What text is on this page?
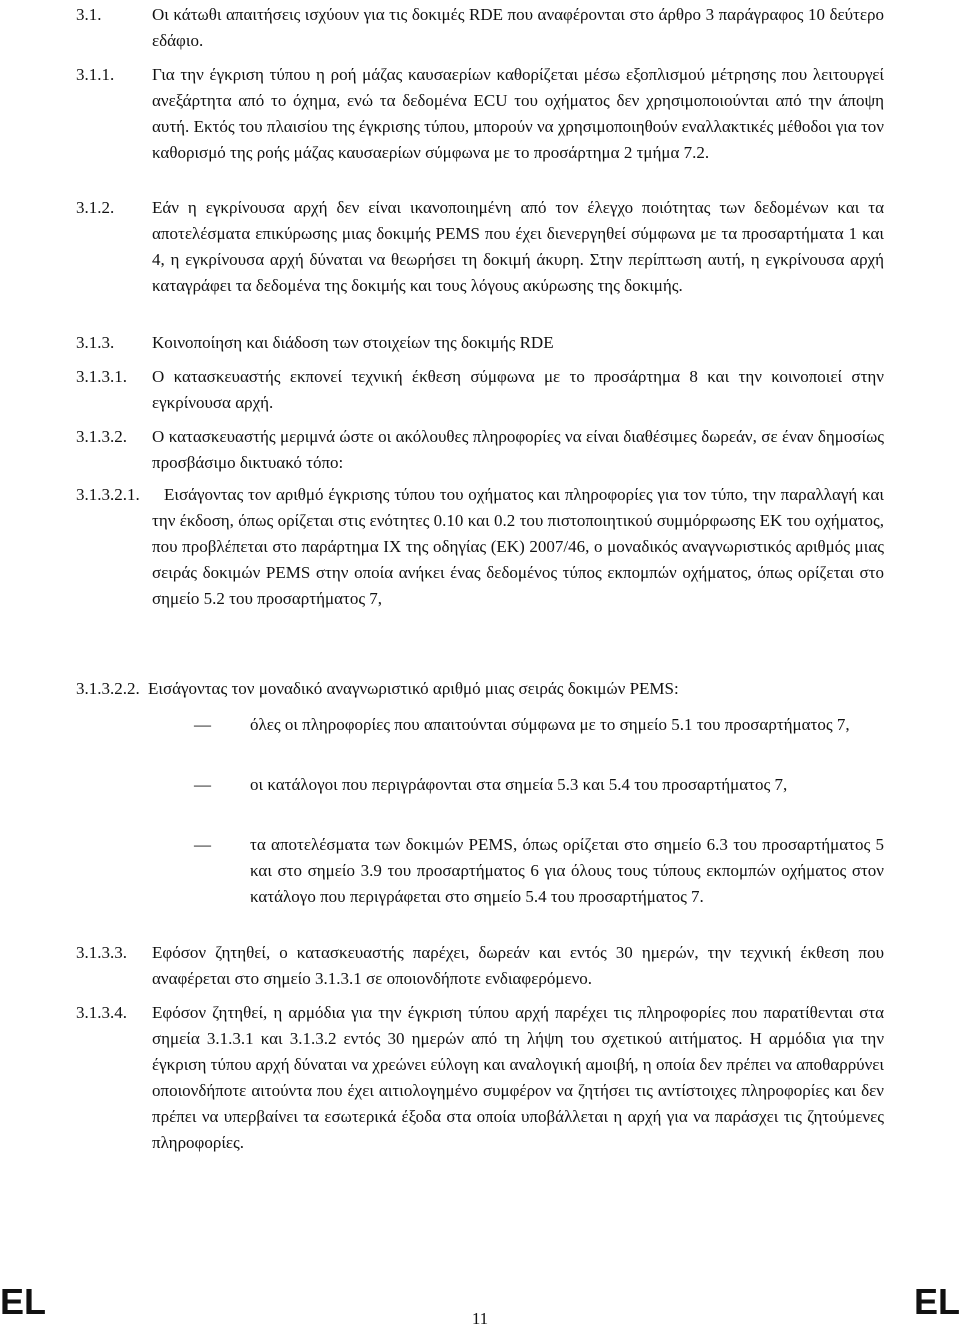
3.1.	Οι κάτωθι απαιτήσεις ισχύουν για τις δοκιμές RDE που αναφέρονται στο άρθρο 3 παράγραφος 10 δεύτερο εδάφιο.
3.1.1. Για την έγκριση τύπου η ροή μάζας καυσαερίων καθορίζεται μέσω εξοπλισμού μέτρησης που λειτουργεί ανεξάρτητα από το όχημα, ενώ τα δεδομένα ECU του οχήματος δεν χρησιμοποιούνται από την άποψη αυτή. Εκτός του πλαισίου της έγκρισης τύπου, μπορούν να χρησιμοποιηθούν εναλλακτικές μέθοδοι για τον καθορισμό της ροής μάζας καυσαερίων σύμφωνα με το προσάρτημα 2 τμήμα 7.2.
3.1.2. Εάν η εγκρίνουσα αρχή δεν είναι ικανοποιημένη από τον έλεγχο ποιότητας των δεδομένων και τα αποτελέσματα επικύρωσης μιας δοκιμής PEMS που έχει διενεργηθεί σύμφωνα με τα προσαρτήματα 1 και 4, η εγκρίνουσα αρχή δύναται να θεωρήσει τη δοκιμή άκυρη. Στην περίπτωση αυτή, η εγκρίνουσα αρχή καταγράφει τα δεδομένα της δοκιμής και τους λόγους ακύρωσης της δοκιμής.
3.1.3. Κοινοποίηση και διάδοση των στοιχείων της δοκιμής RDE
3.1.3.1. Ο κατασκευαστής εκπονεί τεχνική έκθεση σύμφωνα με το προσάρτημα 8 και την κοινοποιεί στην εγκρίνουσα αρχή.
3.1.3.2. Ο κατασκευαστής μεριμνά ώστε οι ακόλουθες πληροφορίες να είναι διαθέσιμες δωρεάν, σε έναν δημοσίως προσβάσιμο δικτυακό τόπο:
3.1.3.2.1.	Εισάγοντας τον αριθμό έγκρισης τύπου του οχήματος και πληροφορίες για τον τύπο, την παραλλαγή και την έκδοση, όπως ορίζεται στις ενότητες 0.10 και 0.2 του πιστοποιητικού συμμόρφωσης ΕΚ του οχήματος, που προβλέπεται στο παράρτημα IX της οδηγίας (ΕΚ) 2007/46, ο μοναδικός αναγνωριστικός αριθμός μιας σειράς δοκιμών PEMS στην οποία ανήκει ένας δεδομένος τύπος εκπομπών οχήματος, όπως ορίζεται στο σημείο 5.2 του προσαρτήματος 7,
3.1.3.2.2. Εισάγοντας τον μοναδικό αναγνωριστικό αριθμό μιας σειράς δοκιμών PEMS:
— όλες οι πληροφορίες που απαιτούνται σύμφωνα με το σημείο 5.1 του προσαρτήματος 7,
— οι κατάλογοι που περιγράφονται στα σημεία 5.3 και 5.4 του προσαρτήματος 7,
— τα αποτελέσματα των δοκιμών PEMS, όπως ορίζεται στο σημείο 6.3 του προσαρτήματος 5 και στο σημείο 3.9 του προσαρτήματος 6 για όλους τους τύπους εκπομπών οχήματος στον κατάλογο που περιγράφεται στο σημείο 5.4 του προσαρτήματος 7.
3.1.3.3. Εφόσον ζητηθεί, ο κατασκευαστής παρέχει, δωρεάν και εντός 30 ημερών, την τεχνική έκθεση που αναφέρεται στο σημείο 3.1.3.1 σε οποιονδήποτε ενδιαφερόμενο.
3.1.3.4. Εφόσον ζητηθεί, η αρμόδια για την έγκριση τύπου αρχή παρέχει τις πληροφορίες που παρατίθενται στα σημεία 3.1.3.1 και 3.1.3.2 εντός 30 ημερών από τη λήψη του σχετικού αιτήματος. Η αρμόδια για την έγκριση τύπου αρχή δύναται να χρεώνει εύλογη και αναλογική αμοιβή, η οποία δεν πρέπει να αποθαρρύνει οποιονδήποτε αιτούντα που έχει αιτιολογημένο συμφέρον να ζητήσει τις αντίστοιχες πληροφορίες και δεν πρέπει να υπερβαίνει τα εσωτερικά έξοδα στα οποία υποβάλλεται η αρχή για να παράσχει τις ζητούμενες πληροφορίες.
EL	11	EL
